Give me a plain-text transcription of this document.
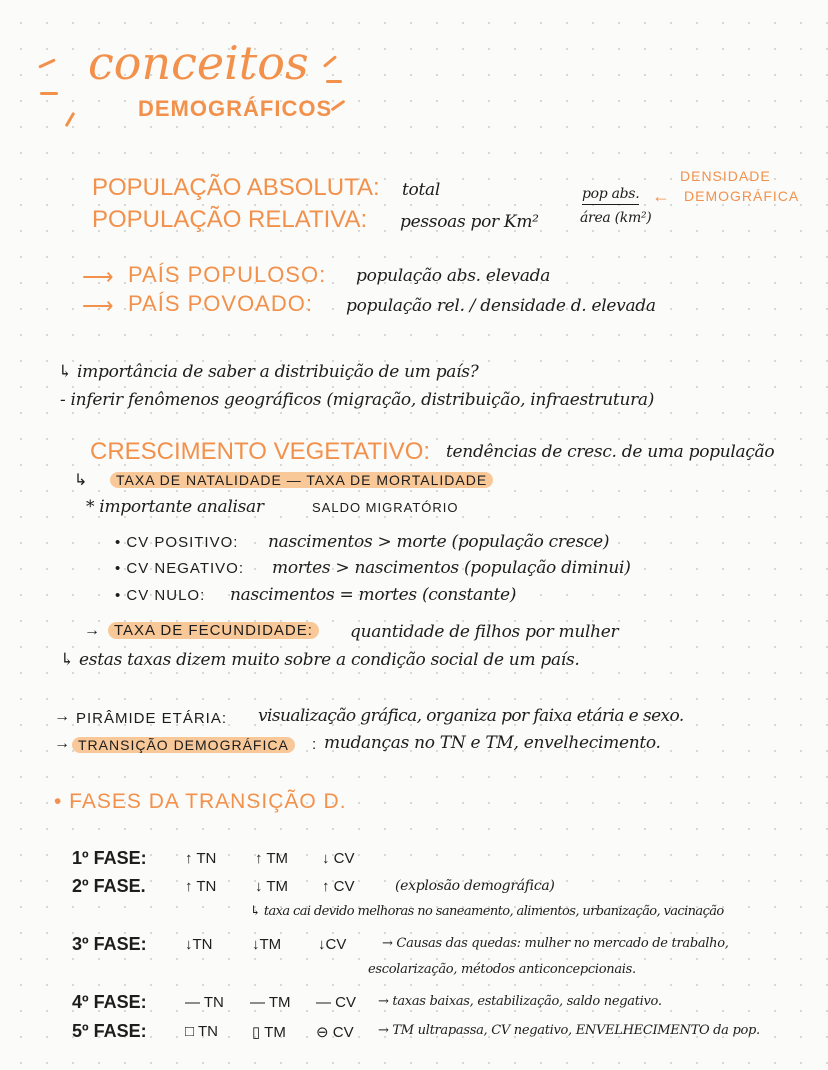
conceitos
DEMOGRÁFICOS
POPULAÇÃO ABSOLUTA: total
POPULAÇÃO RELATIVA: pessoas por Km²
pop abs.
área (km²)
←
DENSIDADE
DEMOGRÁFICA
⟶ PAÍS POPULOSO: população abs. elevada
⟶ PAÍS POVOADO: população rel. / densidade d. elevada
↳ importância de saber a distribuição de um país?
- inferir fenômenos geográficos (migração, distribuição, infraestrutura)
CRESCIMENTO VEGETATIVO: tendências de cresc. de uma população
↳	TAXA DE NATALIDADE — TAXA DE MORTALIDADE
* importante analisar	SALDO MIGRATÓRIO
• CV POSITIVO: nascimentos > morte (população cresce)
• CV NEGATIVO: mortes > nascimentos (população diminui)
• CV NULO: nascimentos = mortes (constante)
→ TAXA DE FECUNDIDADE:	quantidade de filhos por mulher
↳ estas taxas dizem muito sobre a condição social de um país.
→ PIRÂMIDE ETÁRIA: visualização gráfica, organiza por faixa etária e sexo.
→ TRANSIÇÃO DEMOGRÁFICA	: mudanças no TN e TM, envelhecimento.
• FASES DA TRANSIÇÃO D.
1º FASE:	↑ TN	↑ TM ↓ CV
2º FASE.	↑ TN	↓ TM ↑ CV	(explosão demográfica)
↳ taxa cai devido melhoras no saneamento, alimentos, urbanização, vacinação
3º FASE:	↓TN	↓TM ↓CV	→ Causas das quedas: mulher no mercado de trabalho,
escolarização, métodos anticoncepcionais.
4º FASE:	— TN — TM — CV → taxas baixas, estabilização, saldo negativo.
5º FASE:	□ TN ▯ TM ⊖ CV → TM ultrapassa, CV negativo, ENVELHECIMENTO da pop.
